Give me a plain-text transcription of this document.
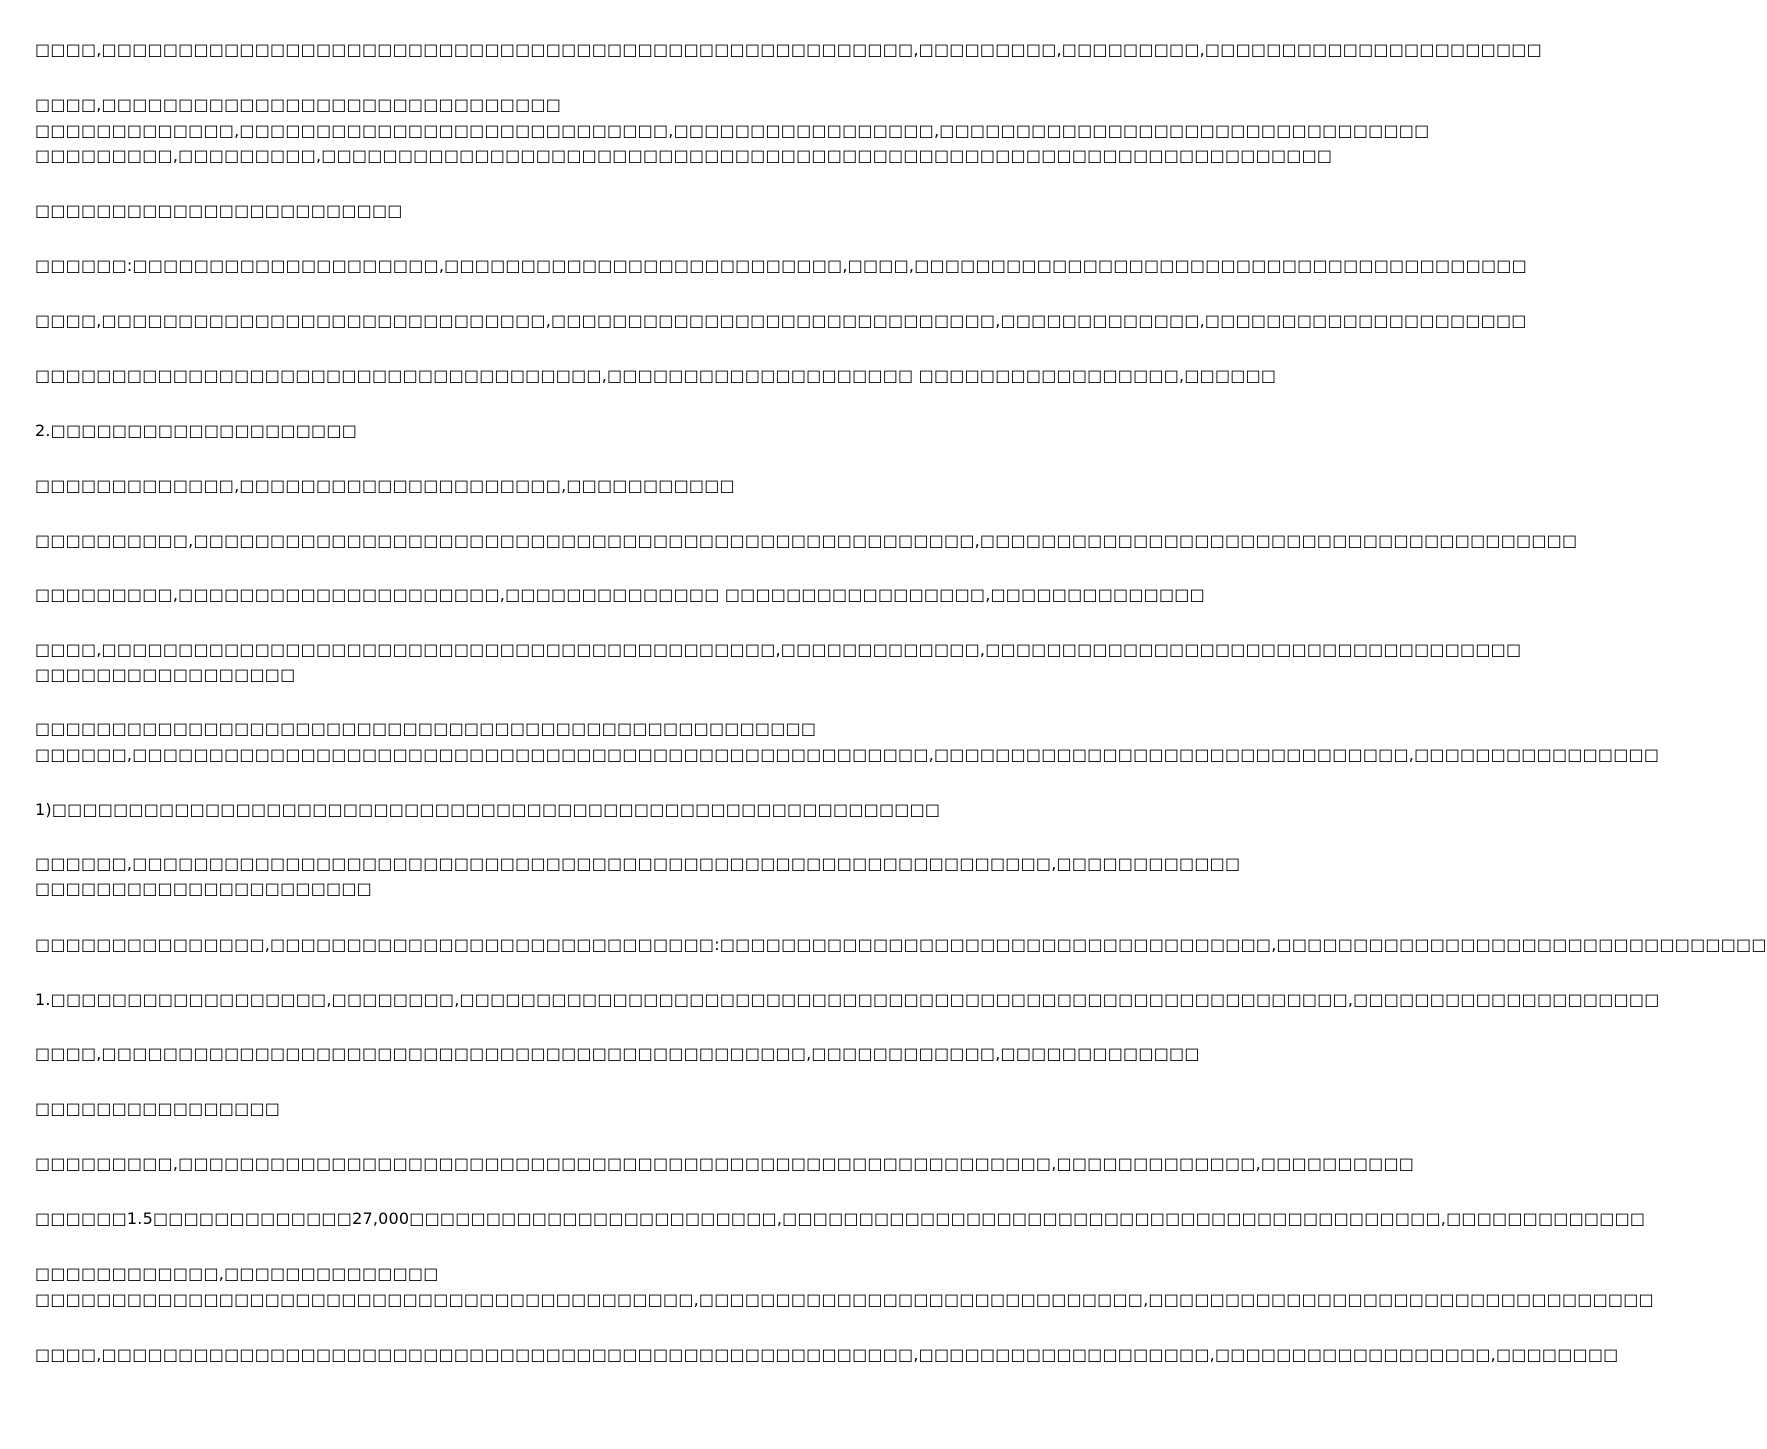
□□□□,□□□□□□□□□□□□□□□□□□□□□□□□□□□□□□□□□□□□□□□□□□□□□□□□□□□□□,□□□□□□□□□,□□□□□□□□□,□□□□□□□□□□□□□□□□□□□□□□
□□□□,□□□□□□□□□□□□□□□□□□□□□□□□□□□□□□
□□□□□□□□□□□□□,□□□□□□□□□□□□□□□□□□□□□□□□□□□□,□□□□□□□□□□□□□□□□□,□□□□□□□□□□□□□□□□□□□□□□□□□□□□□□□□
□□□□□□□□□,□□□□□□□□□,□□□□□□□□□□□□□□□□□□□□□□□□□□□□□□□□□□□□□□□□□□□□□□□□□□□□□□□□□□□□□□□□□□
□□□□□□□□□□□□□□□□□□□□□□□□
□□□□□□:□□□□□□□□□□□□□□□□□□□□,□□□□□□□□□□□□□□□□□□□□□□□□□□,□□□□,□□□□□□□□□□□□□□□□□□□□□□□□□□□□□□□□□□□□□□□□
□□□□,□□□□□□□□□□□□□□□□□□□□□□□□□□□□□,□□□□□□□□□□□□□□□□□□□□□□□□□□□□□,□□□□□□□□□□□□□,□□□□□□□□□□□□□□□□□□□□□
□□□□□□□□□□□□□□□□□□□□□□□□□□□□□□□□□□□□□,□□□□□□□□□□□□□□□□□□□□ □□□□□□□□□□□□□□□□□,□□□□□□
2.□□□□□□□□□□□□□□□□□□□□
□□□□□□□□□□□□□,□□□□□□□□□□□□□□□□□□□□□,□□□□□□□□□□□
□□□□□□□□□□,□□□□□□□□□□□□□□□□□□□□□□□□□□□□□□□□□□□□□□□□□□□□□□□□□□□,□□□□□□□□□□□□□□□□□□□□□□□□□□□□□□□□□□□□□□□
□□□□□□□□□,□□□□□□□□□□□□□□□□□□□□□,□□□□□□□□□□□□□□ □□□□□□□□□□□□□□□□□,□□□□□□□□□□□□□□
□□□□,□□□□□□□□□□□□□□□□□□□□□□□□□□□□□□□□□□□□□□□□□□□□,□□□□□□□□□□□□□,□□□□□□□□□□□□□□□□□□□□□□□□□□□□□□□□□□□
□□□□□□□□□□□□□□□□□
□□□□□□□□□□□□□□□□□□□□□□□□□□□□□□□□□□□□□□□□□□□□□□□□□□□
□□□□□□,□□□□□□□□□□□□□□□□□□□□□□□□□□□□□□□□□□□□□□□□□□□□□□□□□□□□,□□□□□□□□□□□□□□□□□□□□□□□□□□□□□□□,□□□□□□□□□□□□□□□□
1)□□□□□□□□□□□□□□□□□□□□□□□□□□□□□□□□□□□□□□□□□□□□□□□□□□□□□□□□□□
□□□□□□,□□□□□□□□□□□□□□□□□□□□□□□□□□□□□□□□□□□□□□□□□□□□□□□□□□□□□□□□□□□□,□□□□□□□□□□□□
□□□□□□□□□□□□□□□□□□□□□□
□□□□□□□□□□□□□□□,□□□□□□□□□□□□□□□□□□□□□□□□□□□□□:□□□□□□□□□□□□□□□□□□□□□□□□□□□□□□□□□□□□,□□□□□□□□□□□□□□□□□□□□□□□□□□□□□□□□
1.□□□□□□□□□□□□□□□□□□,□□□□□□□□,□□□□□□□□□□□□□□□□□□□□□□□□□□□□□□□□□□□□□□□□□□□□□□□□□□□□□□□□□□,□□□□□□□□□□□□□□□□□□□□
□□□□,□□□□□□□□□□□□□□□□□□□□□□□□□□□□□□□□□□□□□□□□□□□□□□,□□□□□□□□□□□□,□□□□□□□□□□□□□
□□□□□□□□□□□□□□□□
□□□□□□□□□,□□□□□□□□□□□□□□□□□□□□□□□□□□□□□□□□□□□□□□□□□□□□□□□□□□□□□□□□□,□□□□□□□□□□□□□,□□□□□□□□□□
□□□□□□1.5□□□□□□□□□□□□□27,000□□□□□□□□□□□□□□□□□□□□□□□□,□□□□□□□□□□□□□□□□□□□□□□□□□□□□□□□□□□□□□□□□□□□,□□□□□□□□□□□□□
□□□□□□□□□□□□,□□□□□□□□□□□□□□
□□□□□□□□□□□□□□□□□□□□□□□□□□□□□□□□□□□□□□□□□□□,□□□□□□□□□□□□□□□□□□□□□□□□□□□□□,□□□□□□□□□□□□□□□□□□□□□□□□□□□□□□□□□
□□□□,□□□□□□□□□□□□□□□□□□□□□□□□□□□□□□□□□□□□□□□□□□□□□□□□□□□□□,□□□□□□□□□□□□□□□□□□□,□□□□□□□□□□□□□□□□□□,□□□□□□□□
